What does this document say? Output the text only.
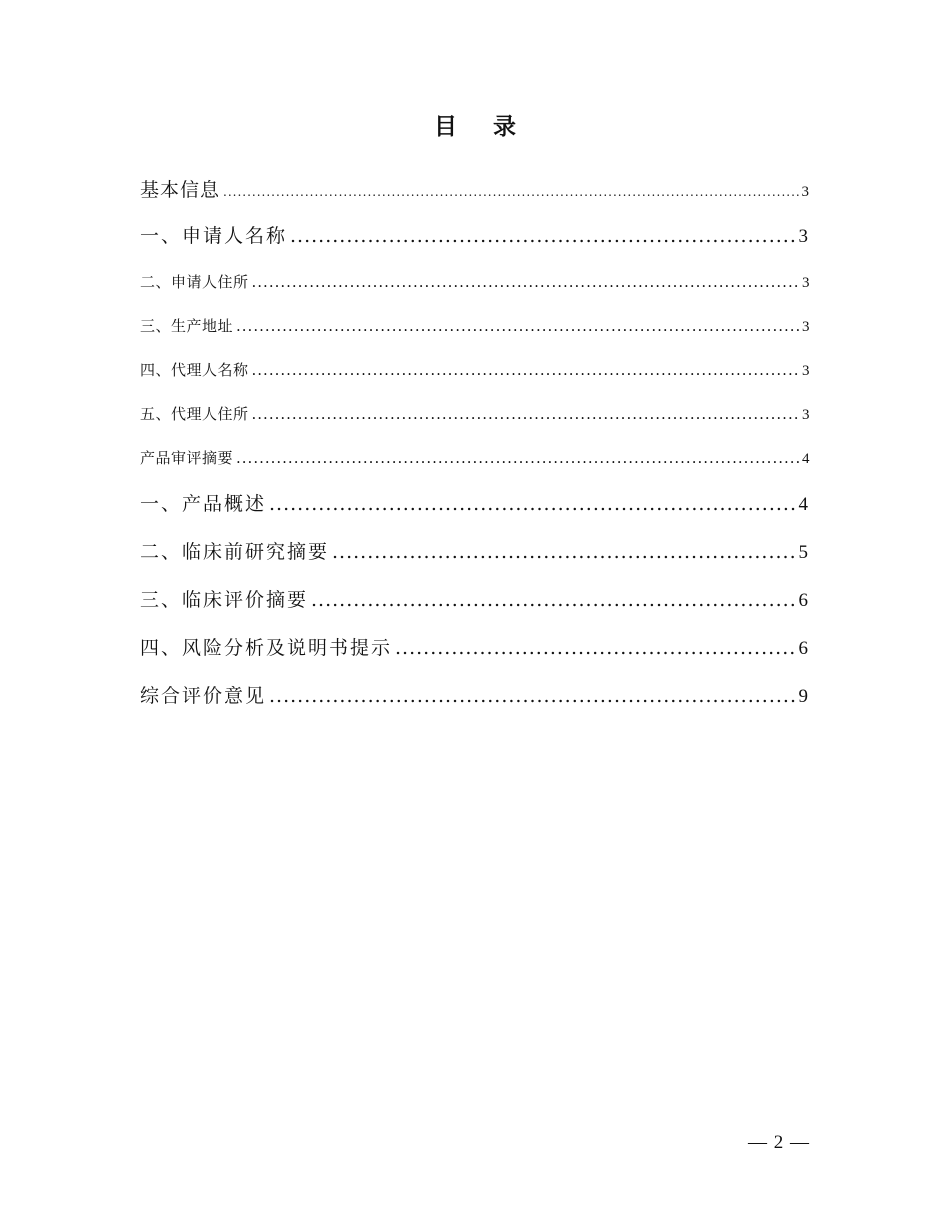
目 录
基本信息 .....	3
一、申请人名称 .....	3
二、申请人住所 .....	3
三、生产地址 .....	3
四、代理人名称 .....	3
五、代理人住所 .....	3
产品审评摘要 .....	4
一、产品概述 .....	4
二、临床前研究摘要 .....	5
三、临床评价摘要 .....	6
四、风险分析及说明书提示 .....	6
综合评价意见 .....	9
— 2 —
